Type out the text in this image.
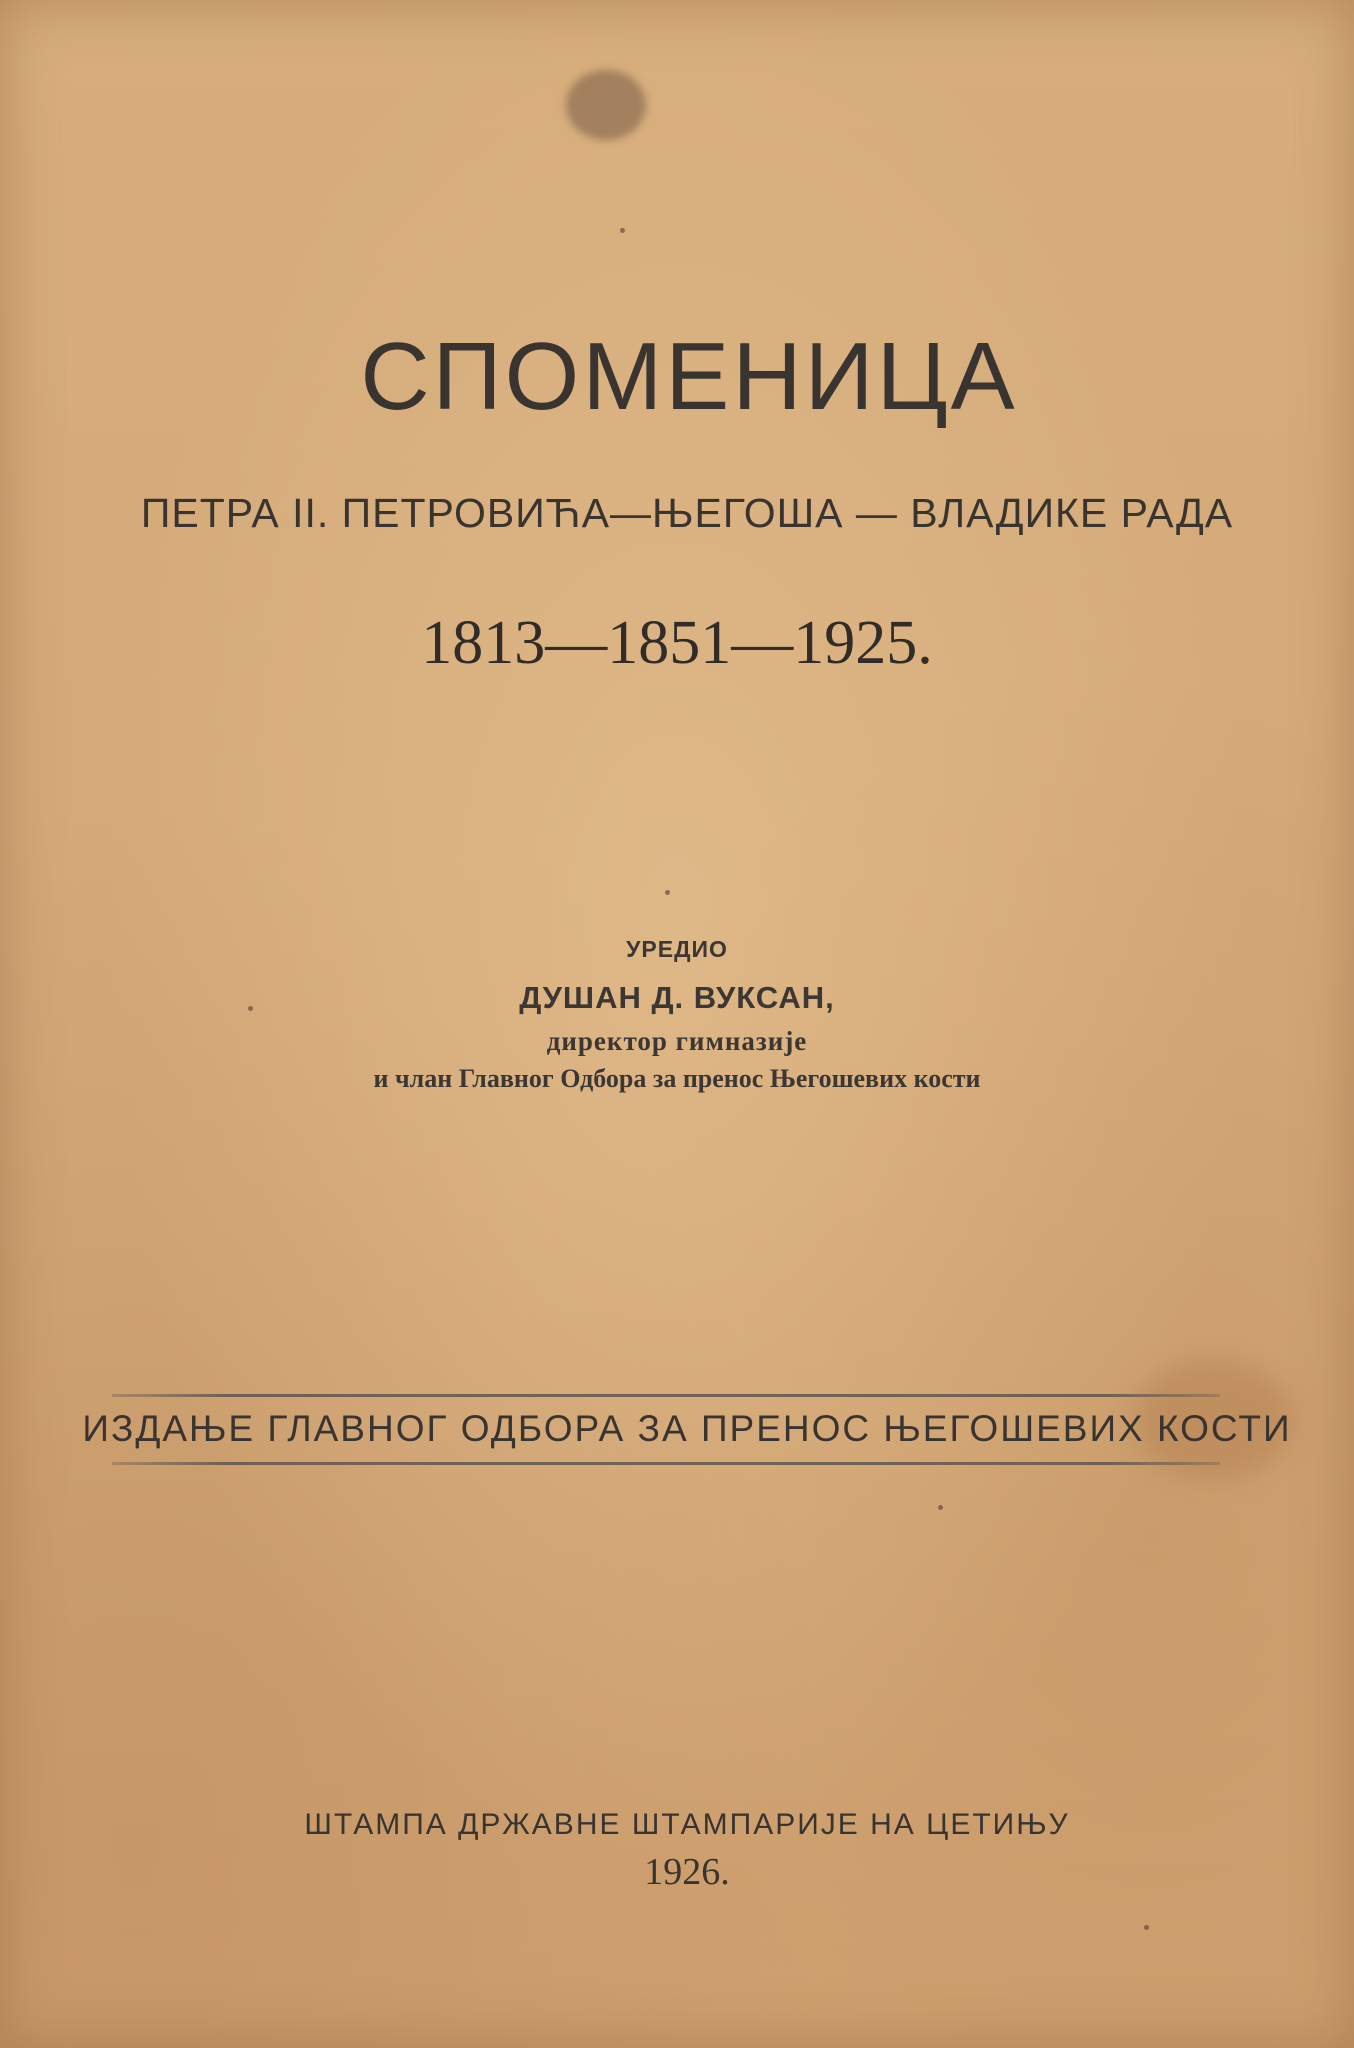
СПОМЕНИЦА
ПЕТРА II. ПЕТРОВИЋА—ЊЕГОША — ВЛАДИКЕ РАДА
1813—1851—1925.
УРЕДИО
ДУШАН Д. ВУКСАН,
директор гимназије
и члан Главног Одбора за пренос Његошевих кости
ИЗДАЊЕ ГЛАВНОГ ОДБОРА ЗА ПРЕНОС ЊЕГОШЕВИХ КОСТИ
ШТАМПА ДРЖАВНЕ ШТАМПАРИЈЕ НА ЦЕТИЊУ
1926.
